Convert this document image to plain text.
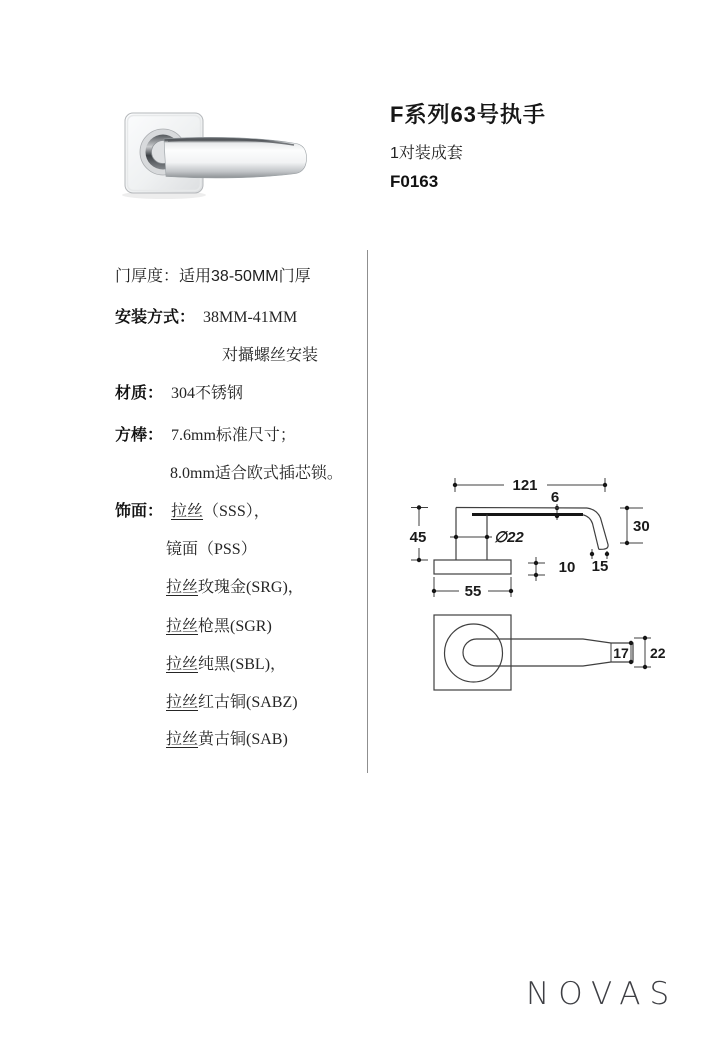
F系列63号执手
1对装成套
F0163
门厚度：适用38-50MM门厚
安装方式： 38MM-41MM
对攝螺丝安装
材质： 304不锈钢
方棒： 7.6mm标准尺寸；
8.0mm适合欧式插芯锁。
饰面： 拉丝（SSS），
镜面（PSS）
拉丝玫瑰金(SRG)，
拉丝枪黑(SGR)
拉丝纯黑(SBL)，
拉丝红古铜(SABZ)
拉丝黄古铜(SAB)
121
6
∅22
45
10 15
30
55
17 22
NOVAS
